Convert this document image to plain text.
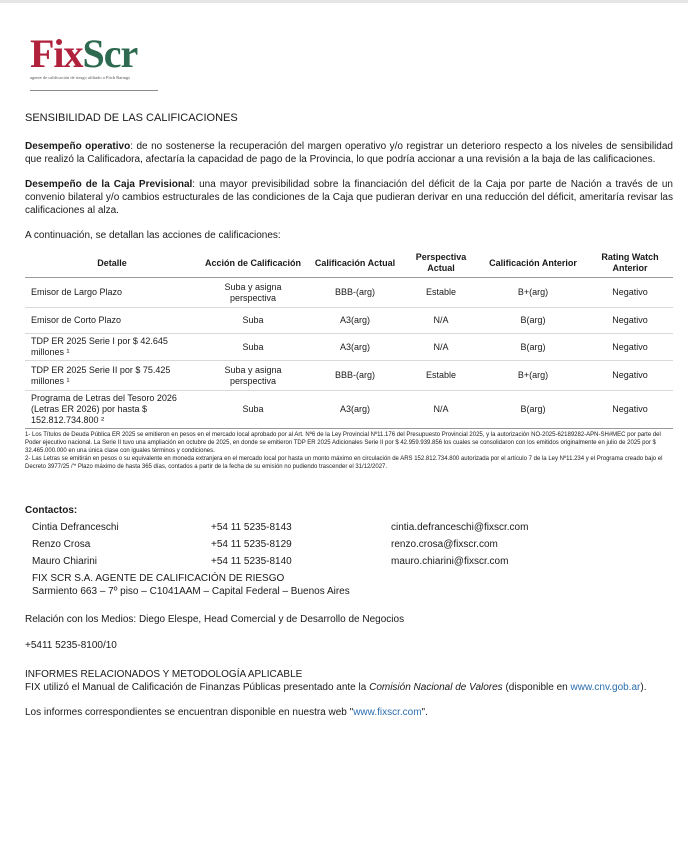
FixScr
agente de calificación de riesgo afiliado a Fitch Ratings
SENSIBILIDAD DE LAS CALIFICACIONES

Desempeño operativo: de no sostenerse la recuperación del margen operativo y/o registrar un deterioro respecto a los niveles de sensibilidad que realizó la Calificadora, afectaría la capacidad de pago de la Provincia, lo que podría accionar a una revisión a la baja de las calificaciones.

Desempeño de la Caja Previsional: una mayor previsibilidad sobre la financiación del déficit de la Caja por parte de Nación a través de un convenio bilateral y/o cambios estructurales de las condiciones de la Caja que pudieran derivar en una reducción del déficit, ameritaría revisar las calificaciones al alza.

A continuación, se detallan las acciones de calificaciones:

Detalle	Acción de Calificación	Calificación Actual	Perspectiva Actual	Calificación Anterior	Rating Watch Anterior
Emisor de Largo Plazo	Suba y asigna perspectiva	BBB-(arg)	Estable	B+(arg)	Negativo
Emisor de Corto Plazo	Suba	A3(arg)	N/A	B(arg)	Negativo
TDP ER 2025 Serie I por $ 42.645 millones ¹	Suba	A3(arg)	N/A	B(arg)	Negativo
TDP ER 2025 Serie II por $ 75.425 millones ¹	Suba y asigna perspectiva	BBB-(arg)	Estable	B+(arg)	Negativo
Programa de Letras del Tesoro 2026 (Letras ER 2026) por hasta $ 152.812.734.800 ²	Suba	A3(arg)	N/A	B(arg)	Negativo

1- Los Títulos de Deuda Pública ER 2025 se emitieron en pesos en el mercado local aprobado por al Art. Nº6 de la Ley Provincial Nº11.176 del Presupuesto Provincial 2025, y la autorización NO-2025-62189282-APN-SH#MEC por parte del Poder ejecutivo nacional. La Serie II tuvo una ampliación en octubre de 2025, en donde se emitieron TDP ER 2025 Adicionales Serie II por $ 42.959.939.856 los cuales se consolidaron con los emitidos originalmente en julio de 2025 por $ 32.465.000.000 en una única clase con iguales términos y condiciones.

2- Las Letras se emitirán en pesos o su equivalente en moneda extranjera en el mercado local por hasta un monto máximo en circulación de ARS 152.812.734.800 autorizada por el artículo 7 de la Ley Nº11.234 y el Programa creado bajo el Decreto 3977/25 /'* Plazo máximo de hasta 365 días, contados a partir de la fecha de su emisión no pudiendo trascender el 31/12/2027.

Contactos:
Cintia Defranceschi	+54 11 5235-8143	cintia.defranceschi@fixscr.com
Renzo Crosa	+54 11 5235-8129	renzo.crosa@fixscr.com
Mauro Chiarini	+54 11 5235-8140	mauro.chiarini@fixscr.com
FIX SCR S.A. AGENTE DE CALIFICACIÓN DE RIESGO
Sarmiento 663 – 7º piso – C1041AAM – Capital Federal – Buenos Aires

Relación con los Medios: Diego Elespe, Head Comercial y de Desarrollo de Negocios

+5411 5235-8100/10

INFORMES RELACIONADOS Y METODOLOGÍA APLICABLE

FIX utilizó el Manual de Calificación de Finanzas Públicas presentado ante la Comisión Nacional de Valores (disponible en www.cnv.gob.ar).

Los informes correspondientes se encuentran disponible en nuestra web "www.fixscr.com".
